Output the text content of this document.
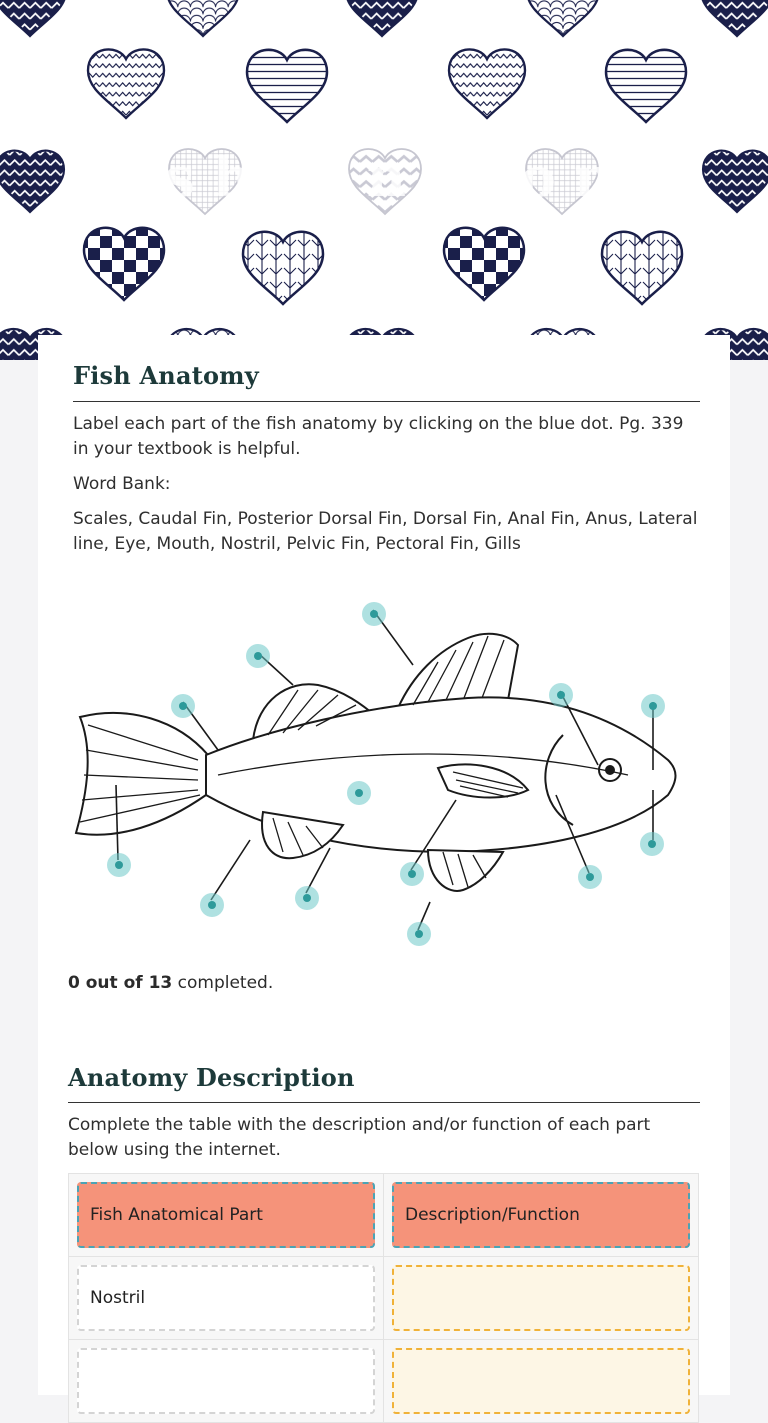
Fish Anatomy
Fish Anatomy

Label each part of the fish anatomy by clicking on the blue dot. Pg. 339 in your textbook is helpful.

Word Bank:

Scales, Caudal Fin, Posterior Dorsal Fin, Dorsal Fin, Anal Fin, Anus, Lateral line, Eye, Mouth, Nostril, Pelvic Fin, Pectoral Fin, Gills

0 out of 13 completed.
Anatomy Description

Complete the table with the description and/or function of each part below using the internet.

Fish Anatomical Part	Description/Function

Nostril	
